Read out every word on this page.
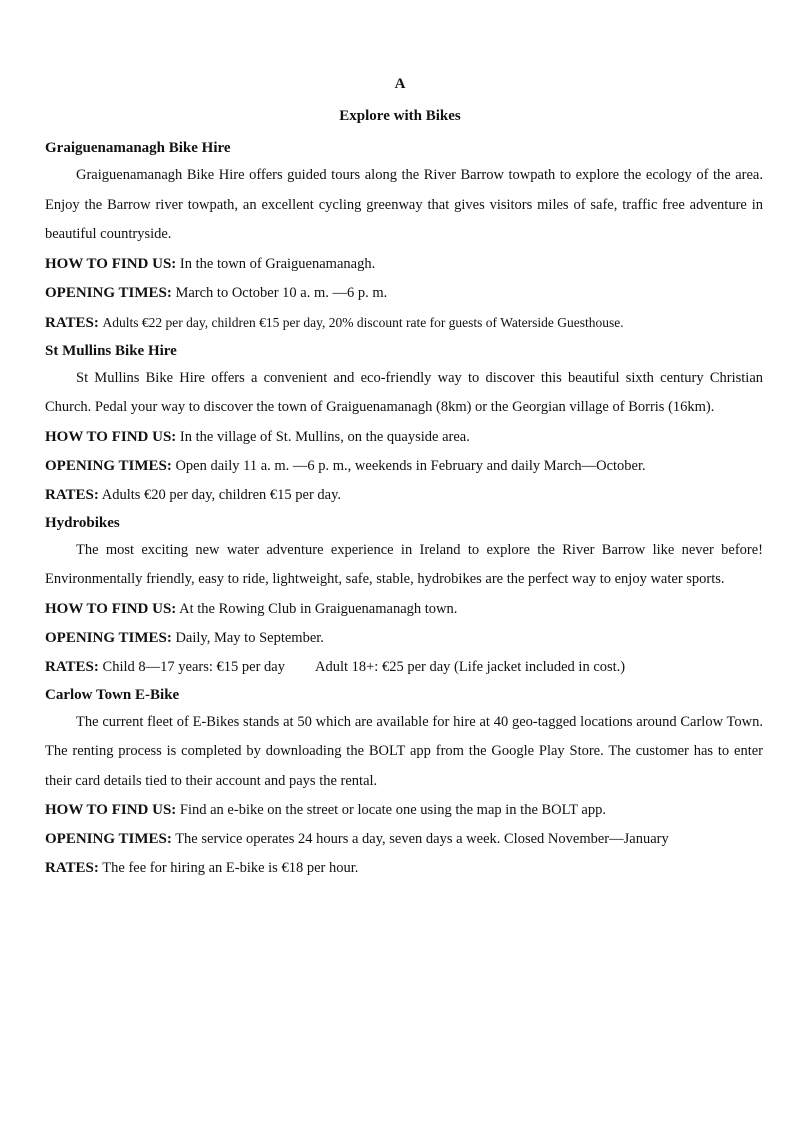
A
Explore with Bikes

Graiguenamanagh Bike Hire

Graiguenamanagh Bike Hire offers guided tours along the River Barrow towpath to explore the ecology of the area. Enjoy the Barrow river towpath, an excellent cycling greenway that gives visitors miles of safe, traffic free adventure in beautiful countryside.

HOW TO FIND US: In the town of Graiguenamanagh.

OPENING TIMES: March to October 10 a. m. —6 p. m.

RATES: Adults €22 per day, children €15 per day, 20% discount rate for guests of Waterside Guesthouse.

St Mullins Bike Hire

St Mullins Bike Hire offers a convenient and eco-friendly way to discover this beautiful sixth century Christian Church. Pedal your way to discover the town of Graiguenamanagh (8km) or the Georgian village of Borris (16km).

HOW TO FIND US: In the village of St. Mullins, on the quayside area.

OPENING TIMES: Open daily 11 a. m. —6 p. m., weekends in February and daily March—October.

RATES: Adults €20 per day, children €15 per day.

Hydrobikes

The most exciting new water adventure experience in Ireland to explore the River Barrow like never before! Environmentally friendly, easy to ride, lightweight, safe, stable, hydrobikes are the perfect way to enjoy water sports.

HOW TO FIND US: At the Rowing Club in Graiguenamanagh town.

OPENING TIMES: Daily, May to September.

RATES: Child 8—17 years: €15 per day Adult 18+: €25 per day (Life jacket included in cost.)

Carlow Town E-Bike

The current fleet of E-Bikes stands at 50 which are available for hire at 40 geo-tagged locations around Carlow Town. The renting process is completed by downloading the BOLT app from the Google Play Store. The customer has to enter their card details tied to their account and pays the rental.

HOW TO FIND US: Find an e-bike on the street or locate one using the map in the BOLT app.

OPENING TIMES: The service operates 24 hours a day, seven days a week. Closed November—January

RATES: The fee for hiring an E-bike is €18 per hour.
